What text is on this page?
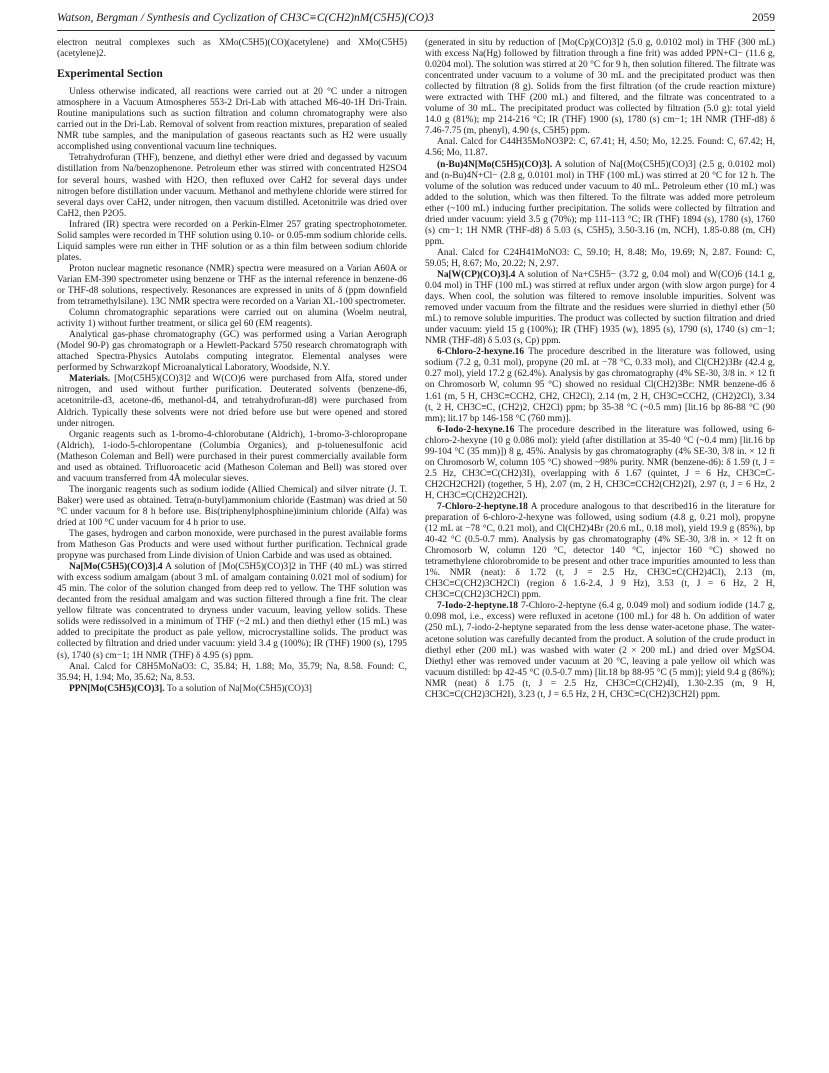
Watson, Bergman / Synthesis and Cyclization of CH3C≡C(CH2)nM(C5H5)(CO)3	2059

electron neutral complexes such as XMo(C5H5)(CO)(acetylene) and XMo(C5H5)(acetylene)2.

Experimental Section

Unless otherwise indicated, all reactions were carried out at 20 °C under a nitrogen atmosphere in a Vacuum Atmospheres 553-2 Dri-Lab with attached M6-40-1H Dri-Train. Routine manipulations such as suction filtration and column chromatography were also carried out in the Dri-Lab. Removal of solvent from reaction mixtures, preparation of sealed NMR tube samples, and the manipulation of gaseous reactants such as H2 were usually accomplished using conventional vacuum line techniques.

Tetrahydrofuran (THF), benzene, and diethyl ether were dried and degassed by vacuum distillation from Na/benzophenone. Petroleum ether was stirred with concentrated H2SO4 for several hours, washed with H2O, then refluxed over CaH2 for several days under nitrogen before distillation under vacuum. Methanol and methylene chloride were stirred for several days over CaH2, under nitrogen, then vacuum distilled. Acetonitrile was dried over CaH2, then P2O5.

Infrared (IR) spectra were recorded on a Perkin-Elmer 257 grating spectrophotometer. Solid samples were recorded in THF solution using 0.10- or 0.05-mm sodium chloride cells. Liquid samples were run either in THF solution or as a thin film between sodium chloride plates.

Proton nuclear magnetic resonance (NMR) spectra were measured on a Varian A60A or Varian EM-390 spectrometer using benzene or THF as the internal reference in benzene-d6 or THF-d8 solutions, respectively. Resonances are expressed in units of δ (ppm downfield from tetramethylsilane). 13C NMR spectra were recorded on a Varian XL-100 spectrometer.

Column chromatographic separations were carried out on alumina (Woelm neutral, activity 1) without further treatment, or silica gel 60 (EM reagents).

Analytical gas-phase chromatography (GC) was performed using a Varian Aerograph (Model 90-P) gas chromatograph or a Hewlett-Packard 5750 research chromatograph with attached Spectra-Physics Autolabs computing integrator. Elemental analyses were performed by Schwarzkopf Microanalytical Laboratory, Woodside, N.Y.

Materials. [Mo(C5H5)(CO)3]2 and W(CO)6 were purchased from Alfa, stored under nitrogen, and used without further purification. Deuterated solvents (benzene-d6, acetonitrile-d3, acetone-d6, methanol-d4, and tetrahydrofuran-d8) were purchased from Aldrich. Typically these solvents were not dried before use but were opened and stored under nitrogen.

Organic reagents such as 1-bromo-4-chlorobutane (Aldrich), 1-bromo-3-chloropropane (Aldrich), 1-iodo-5-chloropentane (Columbia Organics), and p-toluenesulfonic acid (Matheson Coleman and Bell) were purchased in their purest commercially available form and used as obtained. Trifluoroacetic acid (Matheson Coleman and Bell) was stored over and vacuum transferred from 4Å molecular sieves.

The inorganic reagents such as sodium iodide (Allied Chemical) and silver nitrate (J. T. Baker) were used as obtained. Tetra(n-butyl)ammonium chloride (Eastman) was dried at 50 °C under vacuum for 8 h before use. Bis(triphenylphosphine)iminium chloride (Alfa) was dried at 100 °C under vacuum for 4 h prior to use.

The gases, hydrogen and carbon monoxide, were purchased in the purest available forms from Matheson Gas Products and were used without further purification. Technical grade propyne was purchased from Linde division of Union Carbide and was used as obtained.

Na[Mo(C5H5)(CO)3].4 A solution of [Mo(C5H5)(CO)3]2 in THF (40 mL) was stirred with excess sodium amalgam (about 3 mL of amalgam containing 0.021 mol of sodium) for 45 min. The color of the solution changed from deep red to yellow. The THF solution was decanted from the residual amalgam and was suction filtered through a fine frit. The clear yellow filtrate was concentrated to dryness under vacuum, leaving yellow solids. These solids were redissolved in a minimum of THF (~2 mL) and then diethyl ether (15 mL) was added to precipitate the product as pale yellow, microcrystalline solids. The product was collected by filtration and dried under vacuum: yield 3.4 g (100%); IR (THF) 1900 (s), 1795 (s), 1740 (s) cm−1; 1H NMR (THF) δ 4.95 (s) ppm.

Anal. Calcd for C8H5MoNaO3: C, 35.84; H, 1.88; Mo, 35.79; Na, 8.58. Found: C, 35.94; H, 1.94; Mo, 35.62; Na, 8.53.

PPN[Mo(C5H5)(CO)3]. To a solution of Na[Mo(C5H5)(CO)3]

(generated in situ by reduction of [Mo(Cp)(CO)3]2 (5.0 g, 0.0102 mol) in THF (300 mL) with excess Na(Hg) followed by filtration through a fine frit) was added PPN+Cl− (11.6 g, 0.0204 mol). The solution was stirred at 20 °C for 9 h, then solution filtered. The filtrate was concentrated under vacuum to a volume of 30 mL and the precipitated product was then collected by filtration (8 g). Solids from the first filtration (of the crude reaction mixture) were extracted with THF (200 mL) and filtered, and the filtrate was concentrated to a volume of 30 mL. The precipitated product was collected by filtration (5.0 g): total yield 14.0 g (81%); mp 214-216 °C; IR (THF) 1900 (s), 1780 (s) cm−1; 1H NMR (THF-d8) δ 7.46-7.75 (m, phenyl), 4.90 (s, C5H5) ppm.

Anal. Calcd for C44H35MoNO3P2: C, 67.41; H, 4.50; Mo, 12.25. Found: C, 67.42; H, 4.56; Mo, 11.87.

(n-Bu)4N[Mo(C5H5)(CO)3]. A solution of Na[(Mo(C5H5)(CO)3] (2.5 g, 0.0102 mol) and (n-Bu)4N+Cl− (2.8 g, 0.0101 mol) in THF (100 mL) was stirred at 20 °C for 12 h. The volume of the solution was reduced under vacuum to 40 mL. Petroleum ether (10 mL) was added to the solution, which was then filtered. To the filtrate was added more petroleum ether (~100 mL) inducing further precipitation. The solids were collected by filtration and dried under vacuum: yield 3.5 g (70%); mp 111-113 °C; IR (THF) 1894 (s), 1780 (s), 1760 (s) cm−1; 1H NMR (THF-d8) δ 5.03 (s, C5H5), 3.50-3.16 (m, NCH), 1.85-0.88 (m, CH) ppm.

Anal. Calcd for C24H41MoNO3: C, 59.10; H, 8.48; Mo, 19.69; N, 2.87. Found: C, 59.05; H, 8.67; Mo, 20.22; N, 2.97.

Na[W(CP)(CO)3].4 A solution of Na+C5H5− (3.72 g, 0.04 mol) and W(CO)6 (14.1 g, 0.04 mol) in THF (100 mL) was stirred at reflux under argon (with slow argon purge) for 4 days. When cool, the solution was filtered to remove insoluble impurities. Solvent was removed under vacuum from the filtrate and the residues were slurried in diethyl ether (50 mL) to remove soluble impurities. The product was collected by suction filtration and dried under vacuum: yield 15 g (100%); IR (THF) 1935 (w), 1895 (s), 1790 (s), 1740 (s) cm−1; NMR (THF-d8) δ 5.03 (s, Cp) ppm.

6-Chloro-2-hexyne.16 The procedure described in the literature was followed, using sodium (7.2 g, 0.31 mol), propyne (20 mL at −78 °C, 0.33 mol), and Cl(CH2)3Br (42.4 g, 0.27 mol), yield 17.2 g (62.4%). Analysis by gas chromatography (4% SE-30, 3/8 in. × 12 ft on Chromosorb W, column 95 °C) showed no residual Cl(CH2)3Br: NMR benzene-d6 δ 1.61 (m, 5 H, CH3C≡CCH2, CH2, CH2Cl), 2.14 (m, 2 H, CH3C≡CCH2, (CH2)2Cl), 3.34 (t, 2 H, CH3C≡C, (CH2)2, CH2Cl) ppm; bp 35-38 °C (~0.5 mm) [lit.16 bp 86-88 °C (90 mm); lit.17 bp 146-158 °C (760 mm)].

6-Iodo-2-hexyne.16 The procedure described in the literature was followed, using 6-chloro-2-hexyne (10 g 0.086 mol): yield (after distillation at 35-40 °C (~0.4 mm) [lit.16 bp 99-104 °C (35 mm)]) 8 g, 45%. Analysis by gas chromatography (4% SE-30, 3/8 in. × 12 ft on Chromosorb W, column 105 °C) showed ~98% purity. NMR (benzene-d6): δ 1.59 (t, J = 2.5 Hz, CH3C≡C(CH2)3I), overlapping with δ 1.67 (quintet, J = 6 Hz, CH3C≡C-CH2CH2CH2I) (together, 5 H), 2.07 (m, 2 H, CH3C≡CCH2(CH2)2I), 2.97 (t, J = 6 Hz, 2 H, CH3C≡C(CH2)2CH2I).

7-Chloro-2-heptyne.18 A procedure analogous to that described16 in the literature for preparation of 6-chloro-2-hexyne was followed, using sodium (4.8 g, 0.21 mol), propyne (12 mL at −78 °C, 0.21 mol), and Cl(CH2)4Br (20.6 mL, 0.18 mol), yield 19.9 g (85%), bp 40-42 °C (0.5-0.7 mm). Analysis by gas chromatography (4% SE-30, 3/8 in. × 12 ft on Chromosorb W, column 120 °C, detector 140 °C, injector 160 °C) showed no tetramethylene chlorobromide to be present and other trace impurities amounted to less than 1%. NMR (neat): δ 1.72 (t, J = 2.5 Hz, CH3C≡C(CH2)4Cl), 2.13 (m, CH3C≡C(CH2)3CH2Cl) (region δ 1.6-2.4, J 9 Hz), 3.53 (t, J = 6 Hz, 2 H, CH3C≡C(CH2)3CH2Cl) ppm.

7-Iodo-2-heptyne.18 7-Chloro-2-heptyne (6.4 g, 0.049 mol) and sodium iodide (14.7 g, 0.098 mol, i.e., excess) were refluxed in acetone (100 mL) for 48 h. On addition of water (250 mL), 7-iodo-2-heptyne separated from the less dense water-acetone phase. The water-acetone solution was carefully decanted from the product. A solution of the crude product in diethyl ether (200 mL) was washed with water (2 × 200 mL) and dried over MgSO4. Diethyl ether was removed under vacuum at 20 °C, leaving a pale yellow oil which was vacuum distilled: bp 42-45 °C (0.5-0.7 mm) [lit.18 bp 88-95 °C (5 mm)]; yield 9.4 g (86%); NMR (neat) δ 1.75 (t, J = 2.5 Hz, CH3C≡C(CH2)4I), 1.30-2.35 (m, 9 H, CH3C≡C(CH2)3CH2I), 3.23 (t, J = 6.5 Hz, 2 H, CH3C≡C(CH2)3CH2I) ppm.
